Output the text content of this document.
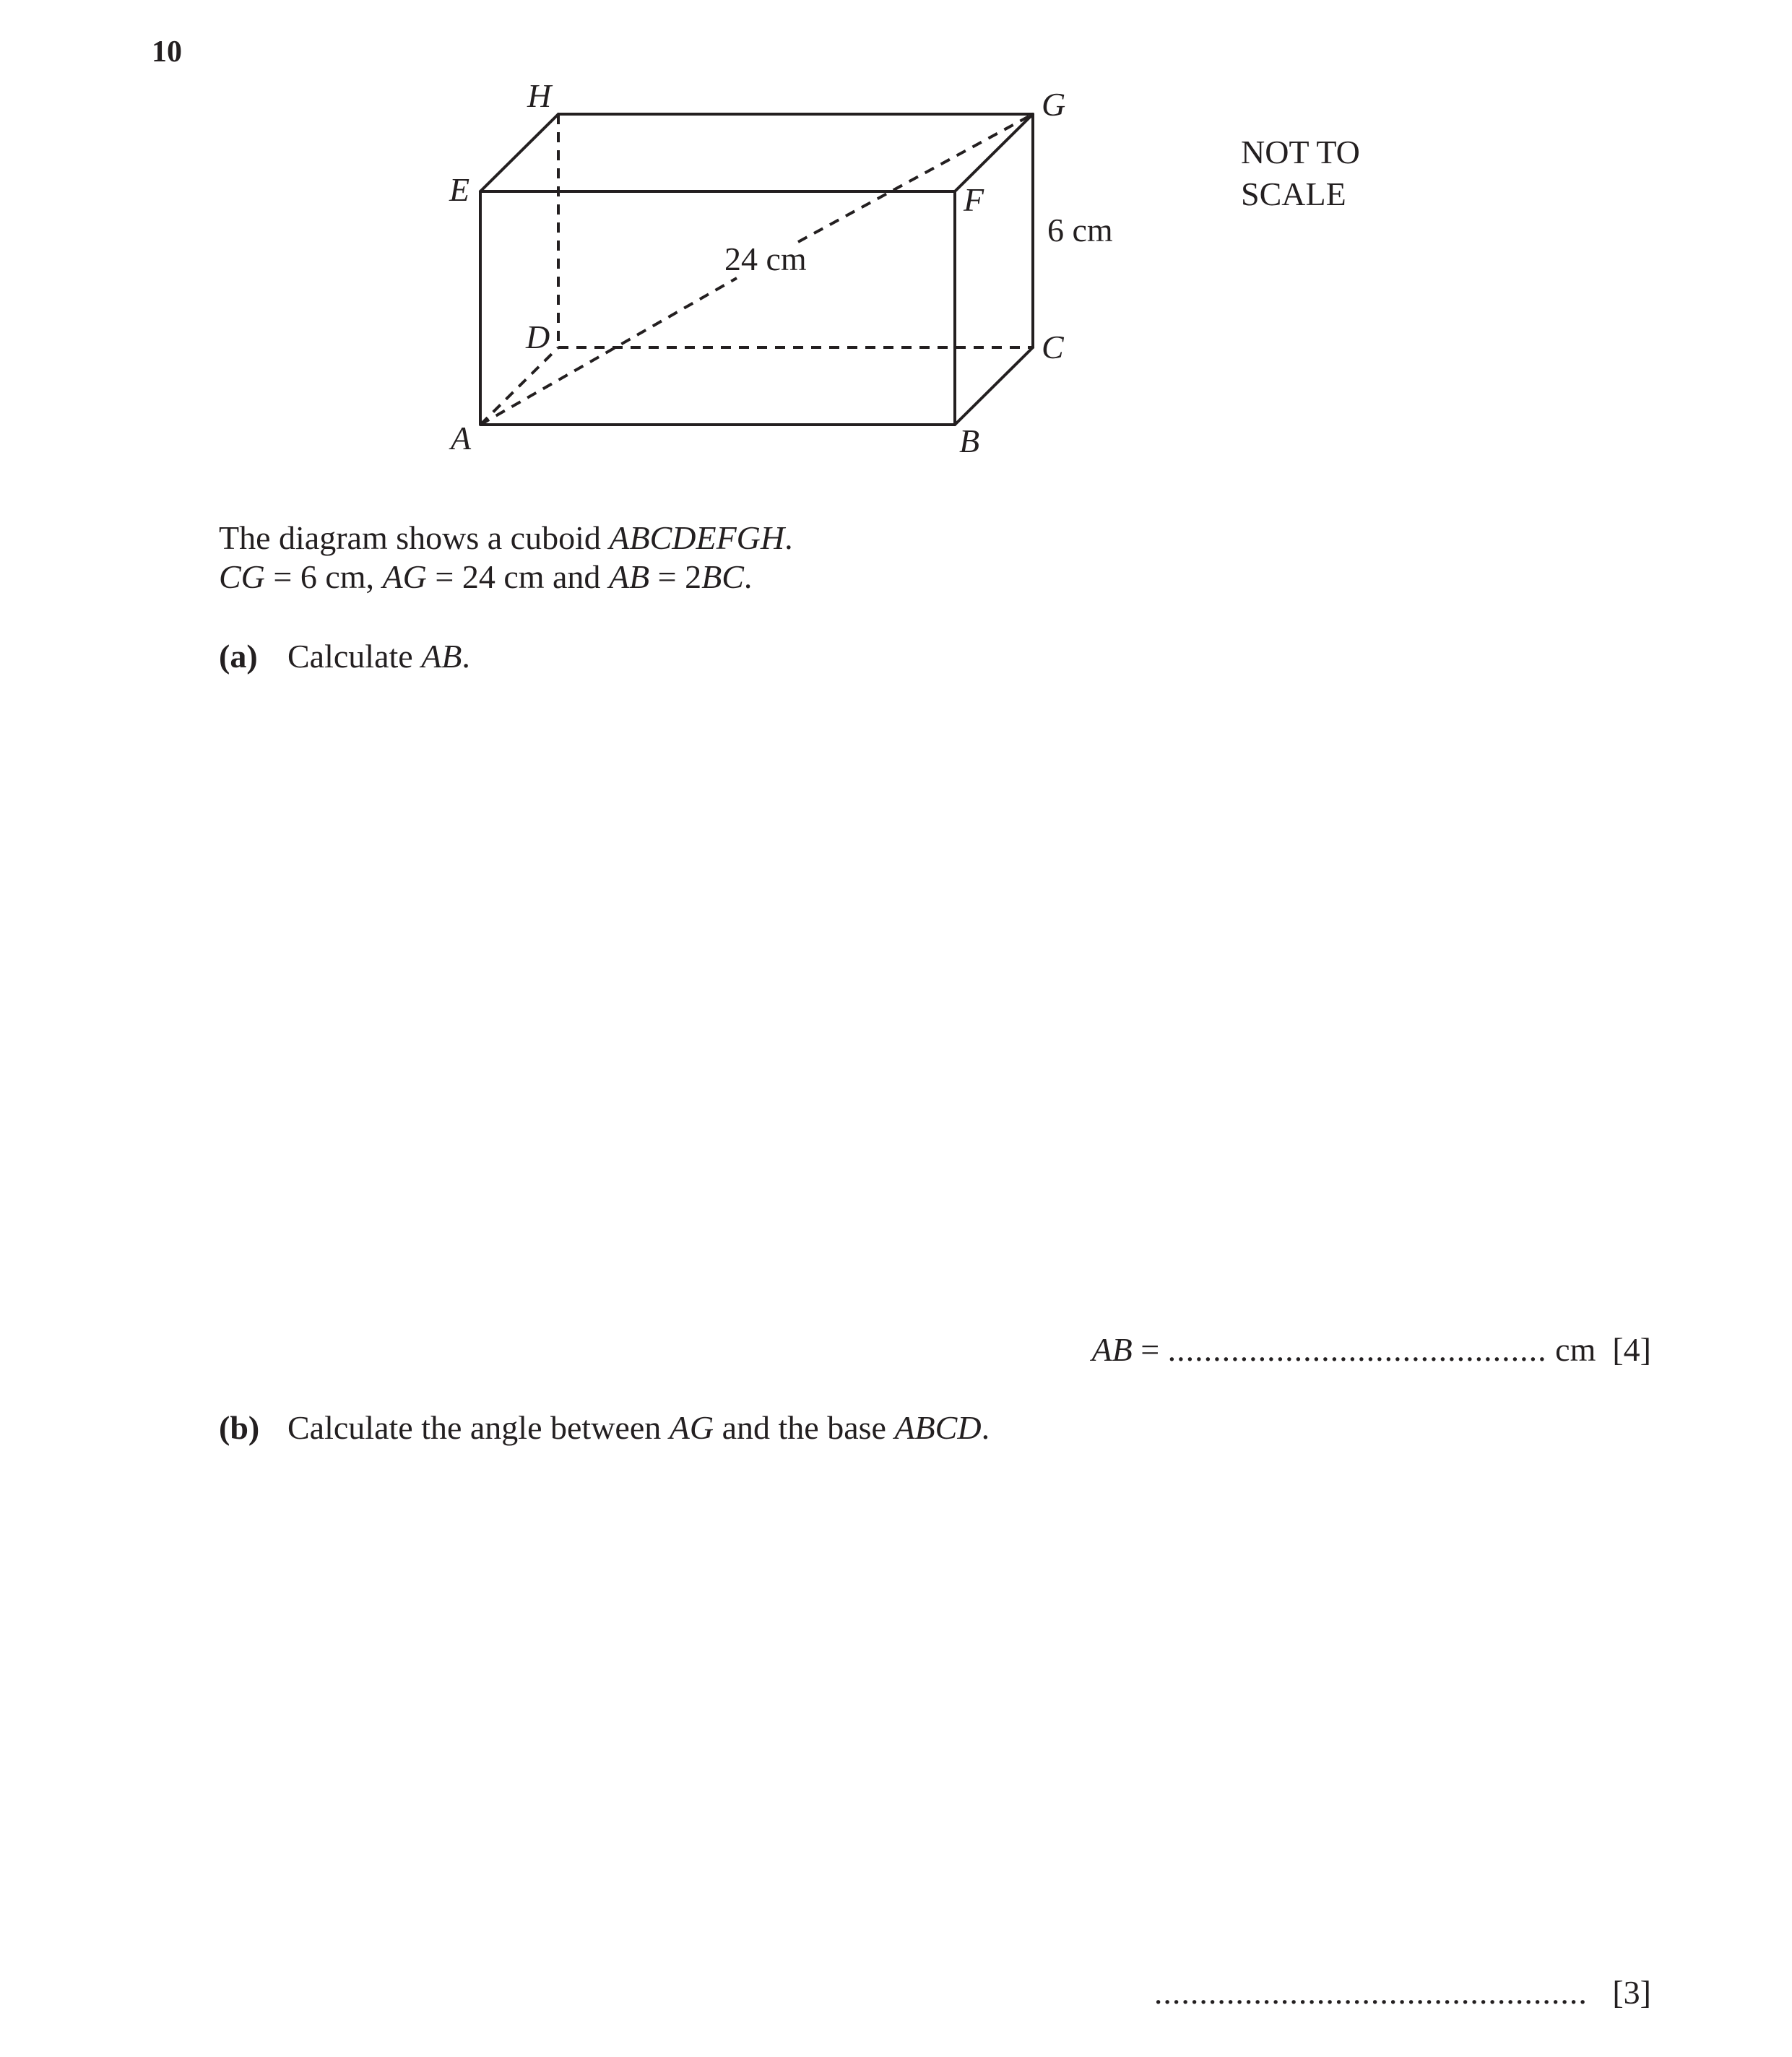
10
H	G
E	F
D	C
A	B
24 cm
6 cm
NOT TO
SCALE
The diagram shows a cuboid ABCDEFGH.
CG = 6 cm, AG = 24 cm and AB = 2BC.
(a) Calculate AB.
AB = .......................................... cm [4]
(b) Calculate the angle between AG and the base ABCD.
................................................ [3]
